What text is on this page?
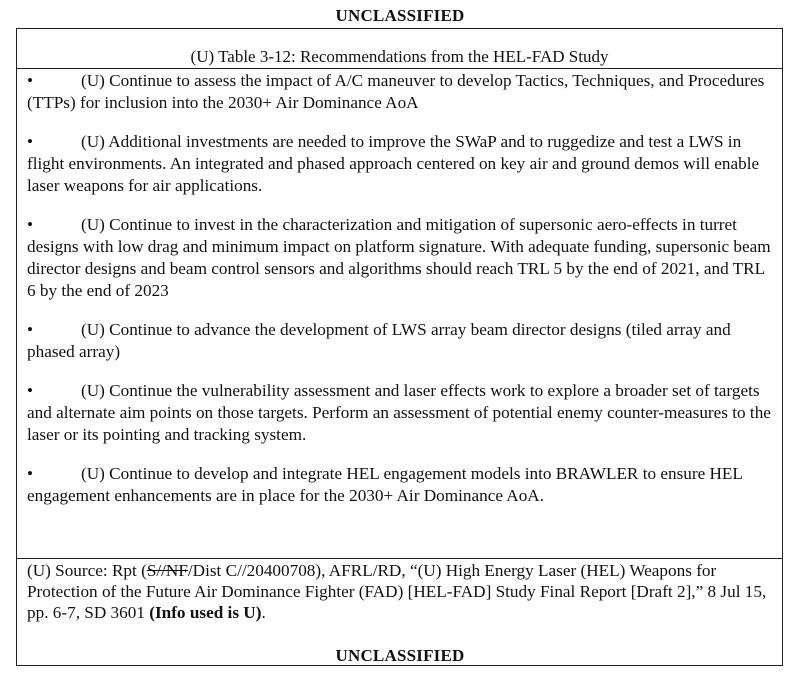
UNCLASSIFIED
(U) Table 3-12: Recommendations from the HEL-FAD Study

•	(U) Continue to assess the impact of A/C maneuver to develop Tactics, Techniques, and Procedures (TTPs) for inclusion into the 2030+ Air Dominance AoA

•	(U) Additional investments are needed to improve the SWaP and to ruggedize and test a LWS in flight environments. An integrated and phased approach centered on key air and ground demos will enable laser weapons for air applications.

•	(U) Continue to invest in the characterization and mitigation of supersonic aero-effects in turret designs with low drag and minimum impact on platform signature. With adequate funding, supersonic beam director designs and beam control sensors and algorithms should reach TRL 5 by the end of 2021, and TRL 6 by the end of 2023

•	(U) Continue to advance the development of LWS array beam director designs (tiled array and phased array)

•	(U) Continue the vulnerability assessment and laser effects work to explore a broader set of targets and alternate aim points on those targets. Perform an assessment of potential enemy counter-measures to the laser or its pointing and tracking system.

•	(U) Continue to develop and integrate HEL engagement models into BRAWLER to ensure HEL engagement enhancements are in place for the 2030+ Air Dominance AoA.

(U) Source: Rpt (S//NF/Dist C//20400708), AFRL/RD, “(U) High Energy Laser (HEL) Weapons for Protection of the Future Air Dominance Fighter (FAD) [HEL-FAD] Study Final Report [Draft 2],” 8 Jul 15, pp. 6-7, SD 3601 (Info used is U).
UNCLASSIFIED
